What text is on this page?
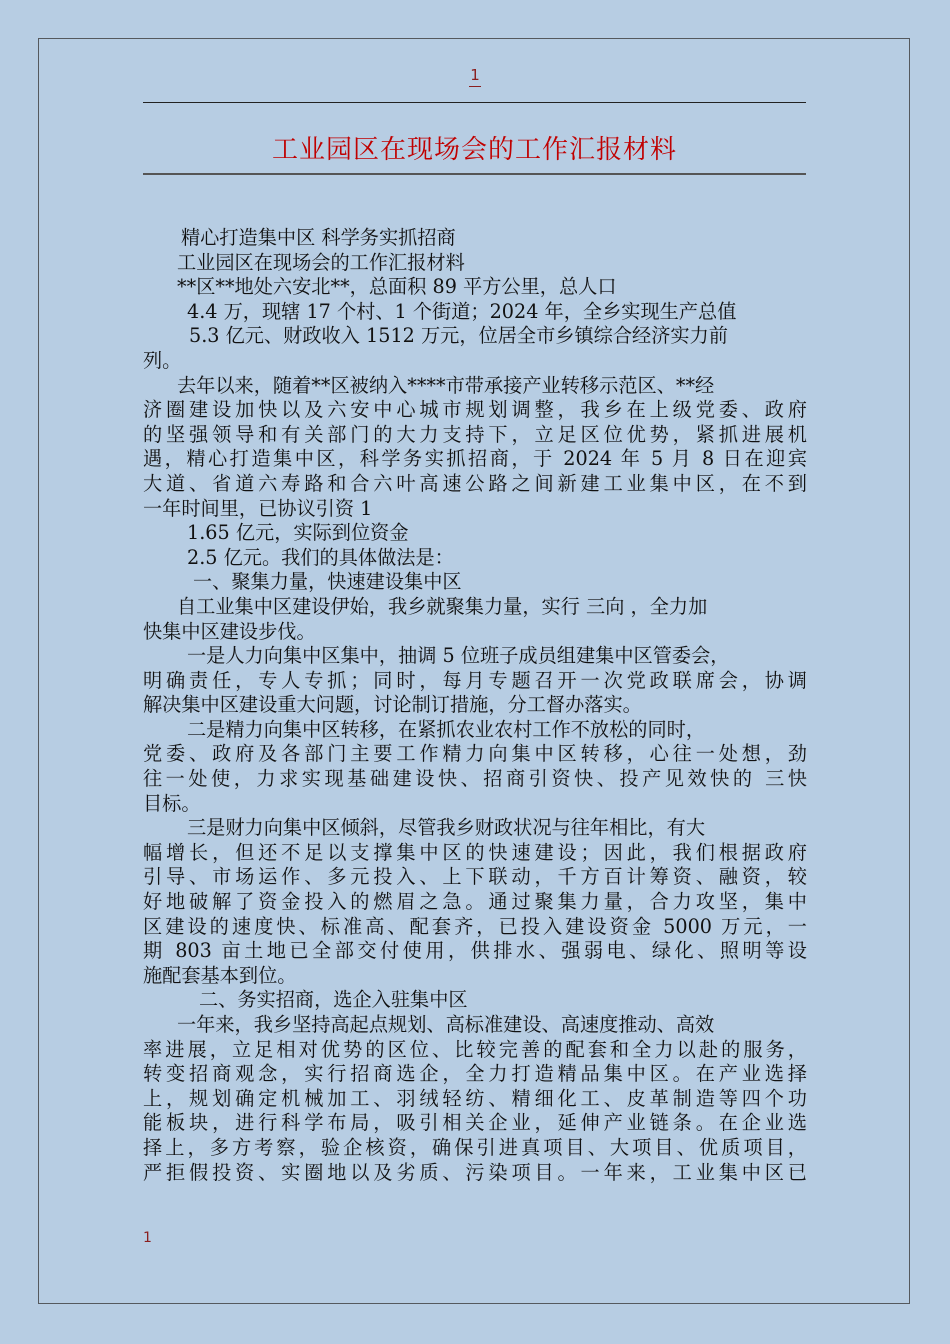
1
工业园区在现场会的工作汇报材料
精心打造集中区 科学务实抓招商
工业园区在现场会的工作汇报材料
**区**地处六安北**，总面积 89 平方公里，总人口
4.4 万，现辖 17 个村、1 个街道；2024 年，全乡实现生产总值
5.3 亿元、财政收入 1512 万元，位居全市乡镇综合经济实力前
列。
去年以来，随着**区被纳入****市带承接产业转移示范区、**经
济圈建设加快以及六安中心城市规划调整，我乡在上级党委、政府
的坚强领导和有关部门的大力支持下，立足区位优势，紧抓进展机
遇，精心打造集中区，科学务实抓招商，于 2024 年 5 月 8 日在迎宾
大道、省道六寿路和合六叶高速公路之间新建工业集中区，在不到
一年时间里，已协议引资 1
1.65 亿元，实际到位资金
2.5 亿元。我们的具体做法是：
一、聚集力量，快速建设集中区
自工业集中区建设伊始，我乡就聚集力量，实行 三向 ，全力加
快集中区建设步伐。
一是人力向集中区集中，抽调 5 位班子成员组建集中区管委会，
明确责任，专人专抓；同时，每月专题召开一次党政联席会，协调
解决集中区建设重大问题，讨论制订措施，分工督办落实。
二是精力向集中区转移，在紧抓农业农村工作不放松的同时，
党委、政府及各部门主要工作精力向集中区转移，心往一处想，劲
往一处使，力求实现基础建设快、招商引资快、投产见效快的 三快
目标。
三是财力向集中区倾斜，尽管我乡财政状况与往年相比，有大
幅增长，但还不足以支撑集中区的快速建设；因此，我们根据政府
引导、市场运作、多元投入、上下联动，千方百计筹资、融资，较
好地破解了资金投入的燃眉之急。通过聚集力量，合力攻坚，集中
区建设的速度快、标准高、配套齐，已投入建设资金 5000 万元，一
期 803 亩土地已全部交付使用，供排水、强弱电、绿化、照明等设
施配套基本到位。
二、务实招商，选企入驻集中区
一年来，我乡坚持高起点规划、高标准建设、高速度推动、高效
率进展，立足相对优势的区位、比较完善的配套和全力以赴的服务，
转变招商观念，实行招商选企，全力打造精品集中区。在产业选择
上，规划确定机械加工、羽绒轻纺、精细化工、皮革制造等四个功
能板块，进行科学布局，吸引相关企业，延伸产业链条。在企业选
择上，多方考察，验企核资，确保引进真项目、大项目、优质项目，
严拒假投资、实圈地以及劣质、污染项目。一年来，工业集中区已
1
